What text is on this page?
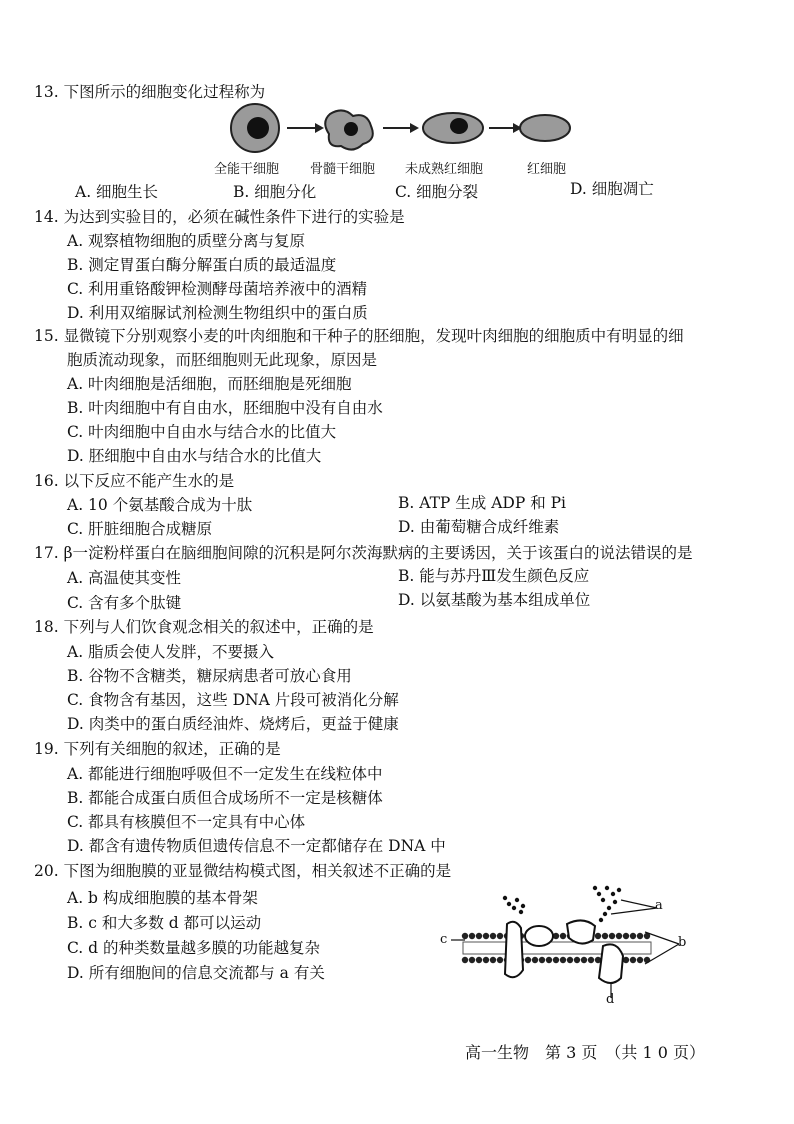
13. 下图所示的细胞变化过程称为
全能干细胞 骨髓干细胞 未成熟红细胞	红细胞
A. 细胞生长	B. 细胞分化	C. 细胞分裂	D. 细胞凋亡
14. 为达到实验目的，必须在碱性条件下进行的实验是
A. 观察植物细胞的质壁分离与复原
B. 测定胃蛋白酶分解蛋白质的最适温度
C. 利用重铬酸钾检测酵母菌培养液中的酒精
D. 利用双缩脲试剂检测生物组织中的蛋白质
15. 显微镜下分别观察小麦的叶肉细胞和干种子的胚细胞，发现叶肉细胞的细胞质中有明显的细
胞质流动现象，而胚细胞则无此现象，原因是
A. 叶肉细胞是活细胞，而胚细胞是死细胞
B. 叶肉细胞中有自由水，胚细胞中没有自由水
C. 叶肉细胞中自由水与结合水的比值大
D. 胚细胞中自由水与结合水的比值大
16. 以下反应不能产生水的是
A. 10 个氨基酸合成为十肽	B. ATP 生成 ADP 和 Pi
C. 肝脏细胞合成糖原	D. 由葡萄糖合成纤维素
17. β一淀粉样蛋白在脑细胞间隙的沉积是阿尔茨海默病的主要诱因，关于该蛋白的说法错误的是
A. 高温使其变性	B. 能与苏丹Ⅲ发生颜色反应
C. 含有多个肽键	D. 以氨基酸为基本组成单位
18. 下列与人们饮食观念相关的叙述中，正确的是
A. 脂质会使人发胖，不要摄入
B. 谷物不含糖类，糖尿病患者可放心食用
C. 食物含有基因，这些 DNA 片段可被消化分解
D. 肉类中的蛋白质经油炸、烧烤后，更益于健康
19. 下列有关细胞的叙述，正确的是
A. 都能进行细胞呼吸但不一定发生在线粒体中
B. 都能合成蛋白质但合成场所不一定是核糖体
C. 都具有核膜但不一定具有中心体
D. 都含有遗传物质但遗传信息不一定都储存在 DNA 中
20. 下图为细胞膜的亚显微结构模式图，相关叙述不正确的是
A. b 构成细胞膜的基本骨架
B. c 和大多数 d 都可以运动
C. d 的种类数量越多膜的功能越复杂
D. 所有细胞间的信息交流都与 a 有关
a
b
c
d
高一生物　第 3 页　（共 1 0 页）
